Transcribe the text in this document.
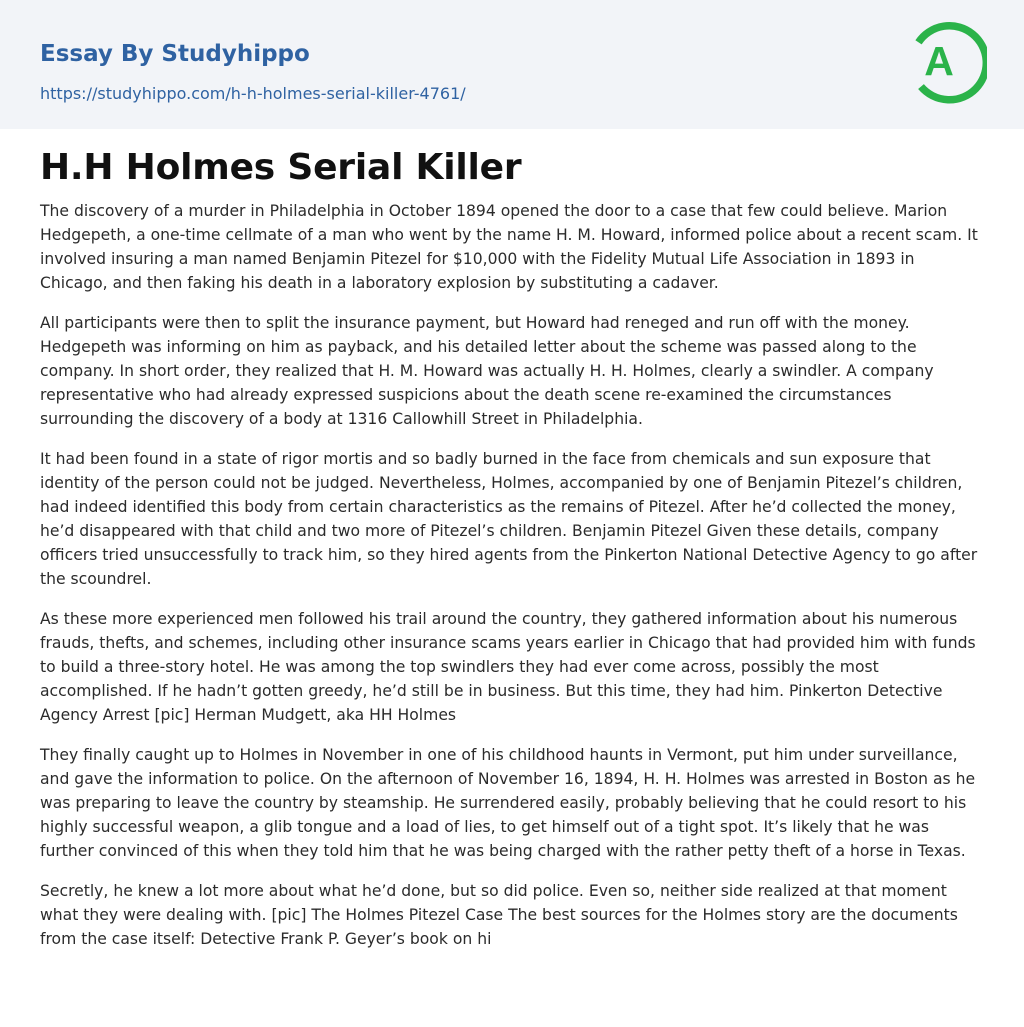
Essay By Studyhippo
https://studyhippo.com/h-h-holmes-serial-killer-4761/
A
H.H Holmes Serial Killer

The discovery of a murder in Philadelphia in October 1894 opened the door to a case that few could believe. Marion Hedgepeth, a one-time cellmate of a man who went by the name H. M. Howard, informed police about a recent scam. It involved insuring a man named Benjamin Pitezel for $10,000 with the Fidelity Mutual Life Association in 1893 in Chicago, and then faking his death in a laboratory explosion by substituting a cadaver.

All participants were then to split the insurance payment, but Howard had reneged and run off with the money. Hedgepeth was informing on him as payback, and his detailed letter about the scheme was passed along to the company. In short order, they realized that H. M. Howard was actually H. H. Holmes, clearly a swindler. A company representative who had already expressed suspicions about the death scene re-examined the circumstances surrounding the discovery of a body at 1316 Callowhill Street in Philadelphia.

It had been found in a state of rigor mortis and so badly burned in the face from chemicals and sun exposure that identity of the person could not be judged. Nevertheless, Holmes, accompanied by one of Benjamin Pitezel’s children, had indeed identified this body from certain characteristics as the remains of Pitezel. After he’d collected the money, he’d disappeared with that child and two more of Pitezel’s children. Benjamin Pitezel Given these details, company officers tried unsuccessfully to track him, so they hired agents from the Pinkerton National Detective Agency to go after the scoundrel.

As these more experienced men followed his trail around the country, they gathered information about his numerous frauds, thefts, and schemes, including other insurance scams years earlier in Chicago that had provided him with funds to build a three-story hotel. He was among the top swindlers they had ever come across, possibly the most accomplished. If he hadn’t gotten greedy, he’d still be in business. But this time, they had him. Pinkerton Detective Agency Arrest [pic] Herman Mudgett, aka HH Holmes

They finally caught up to Holmes in November in one of his childhood haunts in Vermont, put him under surveillance, and gave the information to police. On the afternoon of November 16, 1894, H. H. Holmes was arrested in Boston as he was preparing to leave the country by steamship. He surrendered easily, probably believing that he could resort to his highly successful weapon, a glib tongue and a load of lies, to get himself out of a tight spot. It’s likely that he was further convinced of this when they told him that he was being charged with the rather petty theft of a horse in Texas.

Secretly, he knew a lot more about what he’d done, but so did police. Even so, neither side realized at that moment what they were dealing with. [pic] The Holmes Pitezel Case The best sources for the Holmes story are the documents from the case itself: Detective Frank P. Geyer’s book on hi
